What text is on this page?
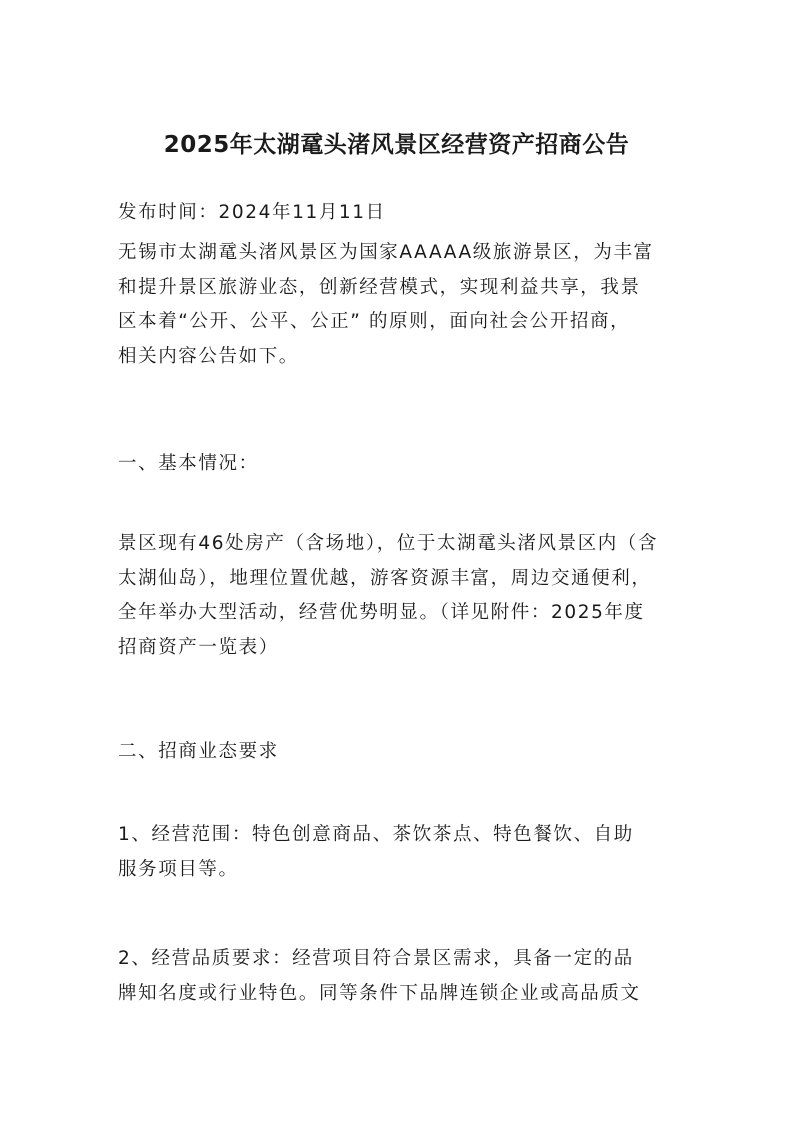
2025年太湖鼋头渚风景区经营资产招商公告

发布时间：2024年11月11日

无锡市太湖鼋头渚风景区为国家AAAAA级旅游景区，为丰富
和提升景区旅游业态，创新经营模式，实现利益共享，我景
区本着“公开、公平、公正” 的原则，面向社会公开招商，
相关内容公告如下。

一、基本情况：

景区现有46处房产（含场地），位于太湖鼋头渚风景区内（含
太湖仙岛），地理位置优越，游客资源丰富，周边交通便利，
全年举办大型活动，经营优势明显。（详见附件：2025年度
招商资产一览表）

二、招商业态要求

1、经营范围：特色创意商品、茶饮茶点、特色餐饮、自助
服务项目等。

2、经营品质要求：经营项目符合景区需求，具备一定的品
牌知名度或行业特色。同等条件下品牌连锁企业或高品质文
